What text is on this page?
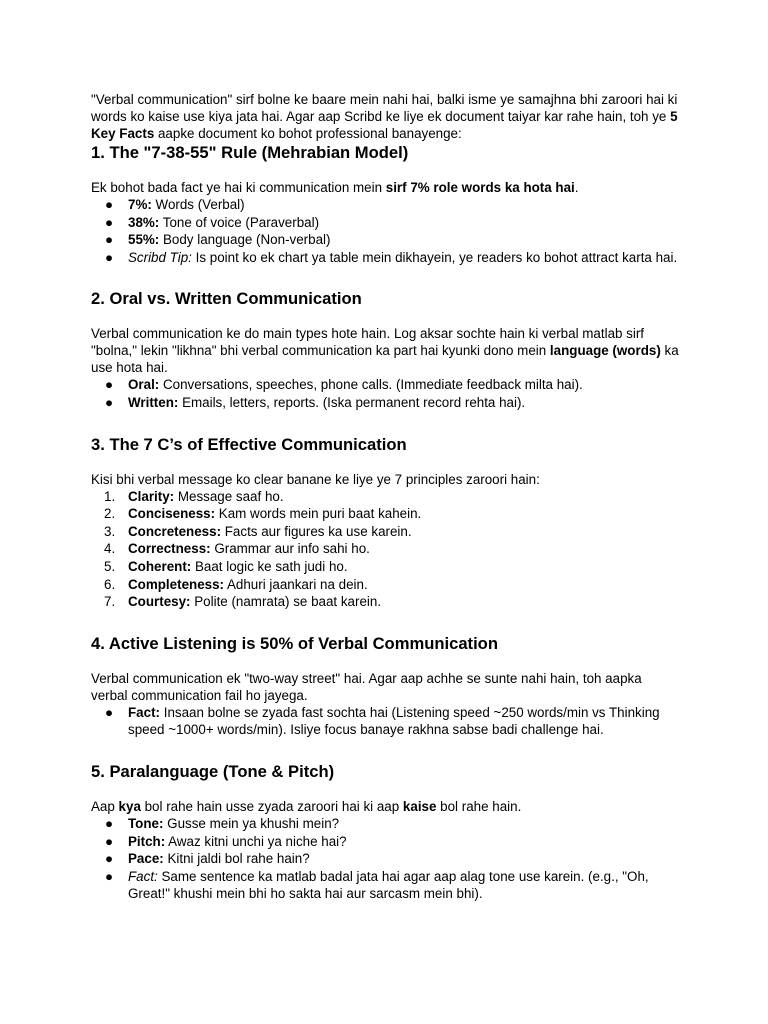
"Verbal communication" sirf bolne ke baare mein nahi hai, balki isme ye samajhna bhi zaroori hai ki words ko kaise use kiya jata hai. Agar aap Scribd ke liye ek document taiyar kar rahe hain, toh ye 5 Key Facts aapke document ko bohot professional banayenge:

1. The "7-38-55" Rule (Mehrabian Model)

Ek bohot bada fact ye hai ki communication mein sirf 7% role words ka hota hai.

●	7%: Words (Verbal)
●	38%: Tone of voice (Paraverbal)
●	55%: Body language (Non-verbal)
●	Scribd Tip: Is point ko ek chart ya table mein dikhayein, ye readers ko bohot attract karta hai.
2. Oral vs. Written Communication

Verbal communication ke do main types hote hain. Log aksar sochte hain ki verbal matlab sirf "bolna," lekin "likhna" bhi verbal communication ka part hai kyunki dono mein language (words) ka use hota hai.

●	Oral: Conversations, speeches, phone calls. (Immediate feedback milta hai).
●	Written: Emails, letters, reports. (Iska permanent record rehta hai).
3. The 7 C’s of Effective Communication

Kisi bhi verbal message ko clear banane ke liye ye 7 principles zaroori hain:

1. Clarity: Message saaf ho.
2. Conciseness: Kam words mein puri baat kahein.
3. Concreteness: Facts aur figures ka use karein.
4. Correctness: Grammar aur info sahi ho.
5. Coherent: Baat logic ke sath judi ho.
6. Completeness: Adhuri jaankari na dein.
7. Courtesy: Polite (namrata) se baat karein.
4. Active Listening is 50% of Verbal Communication

Verbal communication ek "two-way street" hai. Agar aap achhe se sunte nahi hain, toh aapka verbal communication fail ho jayega.

●	Fact: Insaan bolne se zyada fast sochta hai (Listening speed ~250 words/min vs Thinking speed ~1000+ words/min). Isliye focus banaye rakhna sabse badi challenge hai.
5. Paralanguage (Tone & Pitch)

Aap kya bol rahe hain usse zyada zaroori hai ki aap kaise bol rahe hain.

●	Tone: Gusse mein ya khushi mein?
●	Pitch: Awaz kitni unchi ya niche hai?
●	Pace: Kitni jaldi bol rahe hain?
●	Fact: Same sentence ka matlab badal jata hai agar aap alag tone use karein. (e.g., "Oh, Great!" khushi mein bhi ho sakta hai aur sarcasm mein bhi).
